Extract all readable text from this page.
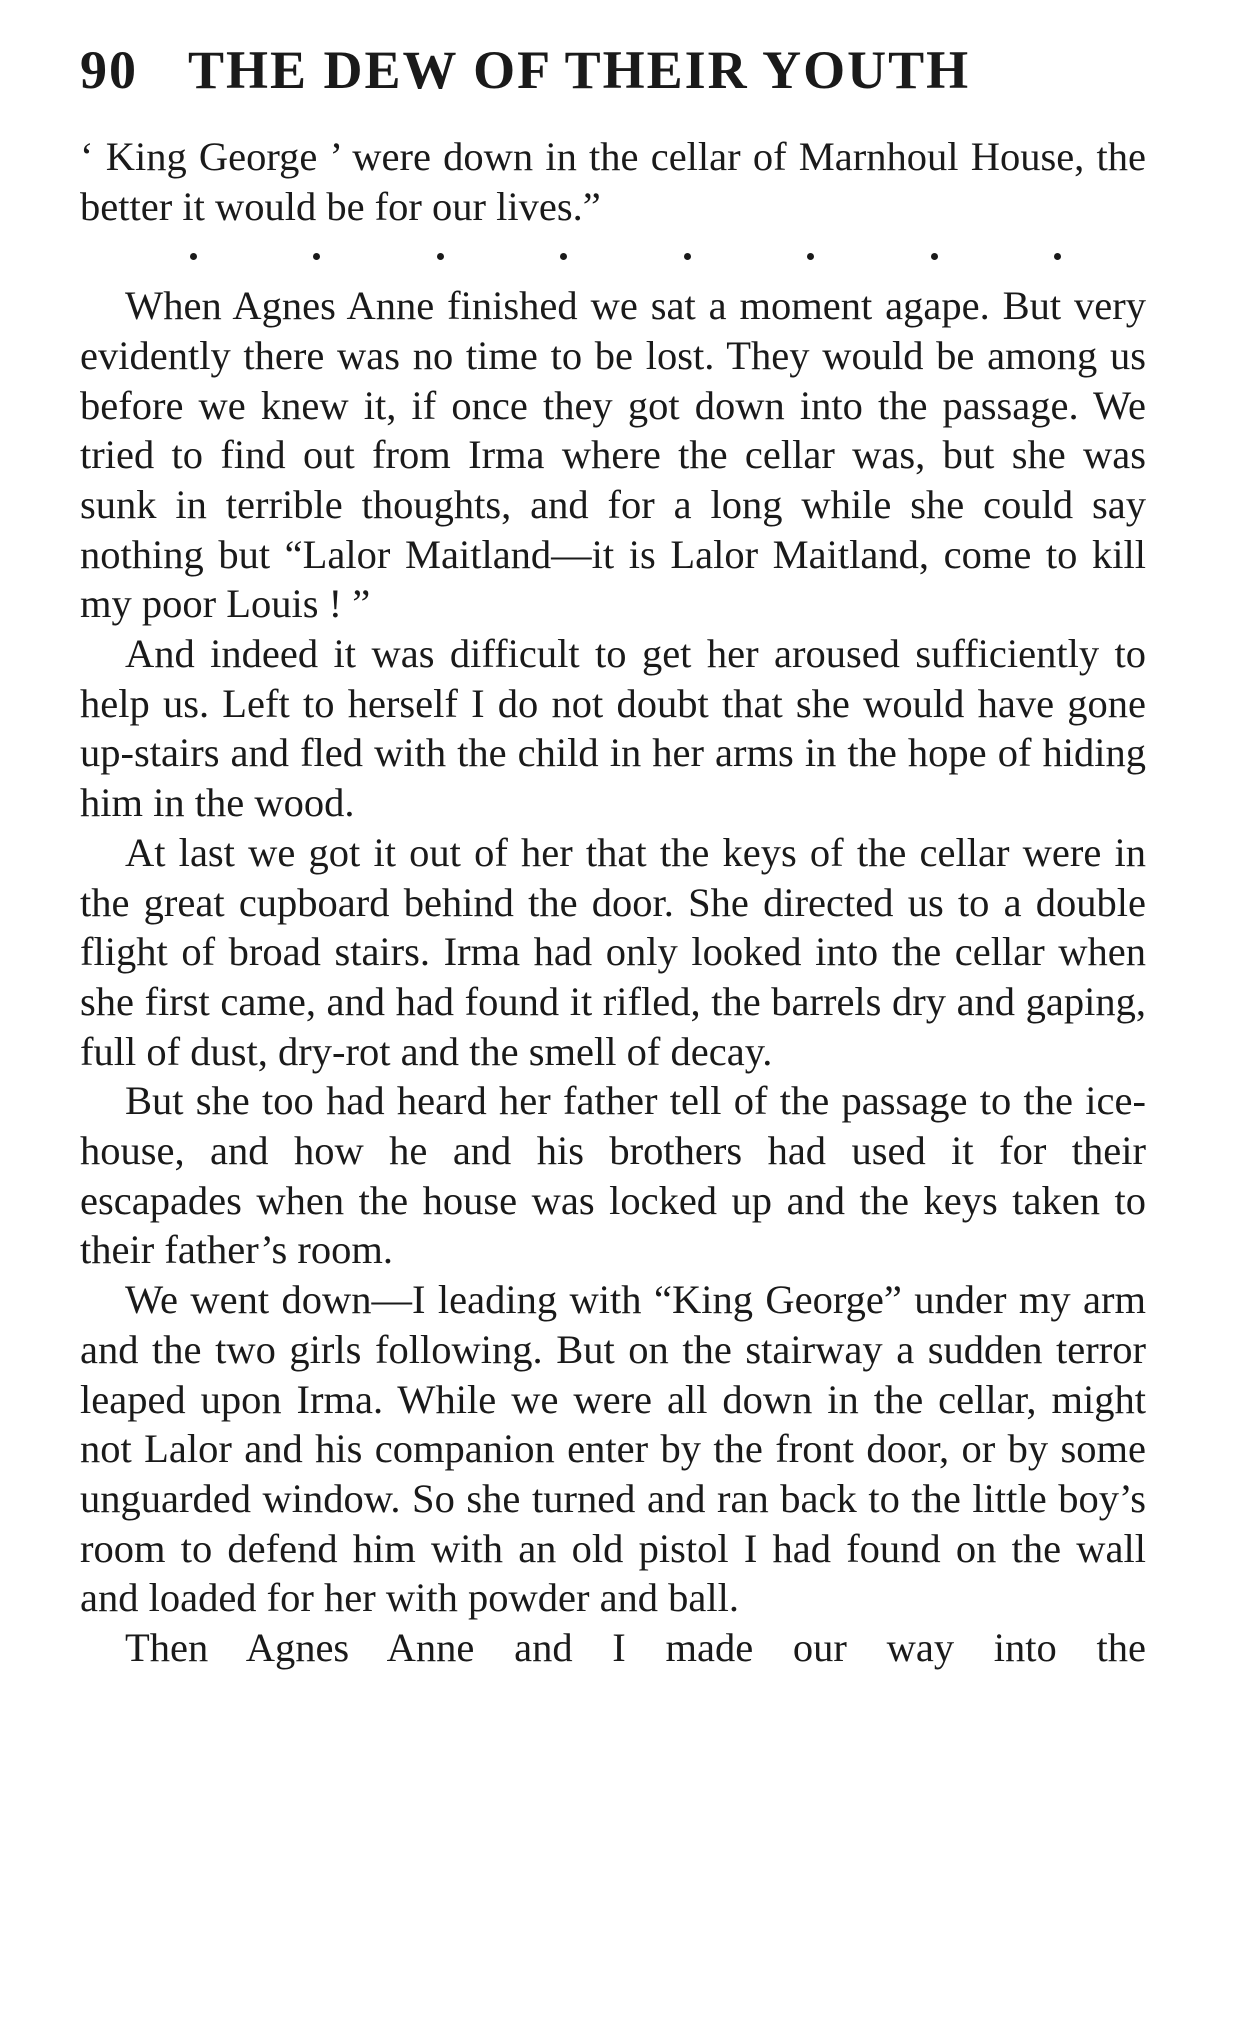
90 THE DEW OF THEIR YOUTH

‘ King George ’ were down in the cellar of Marnhoul House, the better it would be for our lives.”

When Agnes Anne finished we sat a moment agape. But very evidently there was no time to be lost. They would be among us before we knew it, if once they got down into the passage. We tried to find out from Irma where the cellar was, but she was sunk in terrible thoughts, and for a long while she could say nothing but “Lalor Maitland—it is Lalor Maitland, come to kill my poor Louis ! ”

And indeed it was difficult to get her aroused sufficiently to help us. Left to herself I do not doubt that she would have gone up-stairs and fled with the child in her arms in the hope of hiding him in the wood.

At last we got it out of her that the keys of the cellar were in the great cupboard behind the door. She directed us to a double flight of broad stairs. Irma had only looked into the cellar when she first came, and had found it rifled, the barrels dry and gaping, full of dust, dry-rot and the smell of decay.

But she too had heard her father tell of the passage to the ice-house, and how he and his brothers had used it for their escapades when the house was locked up and the keys taken to their father’s room.

We went down—I leading with “King George” under my arm and the two girls following. But on the stairway a sudden terror leaped upon Irma. While we were all down in the cellar, might not Lalor and his companion enter by the front door, or by some unguarded window. So she turned and ran back to the little boy’s room to defend him with an old pistol I had found on the wall and loaded for her with powder and ball.

Then Agnes Anne and I made our way into the
